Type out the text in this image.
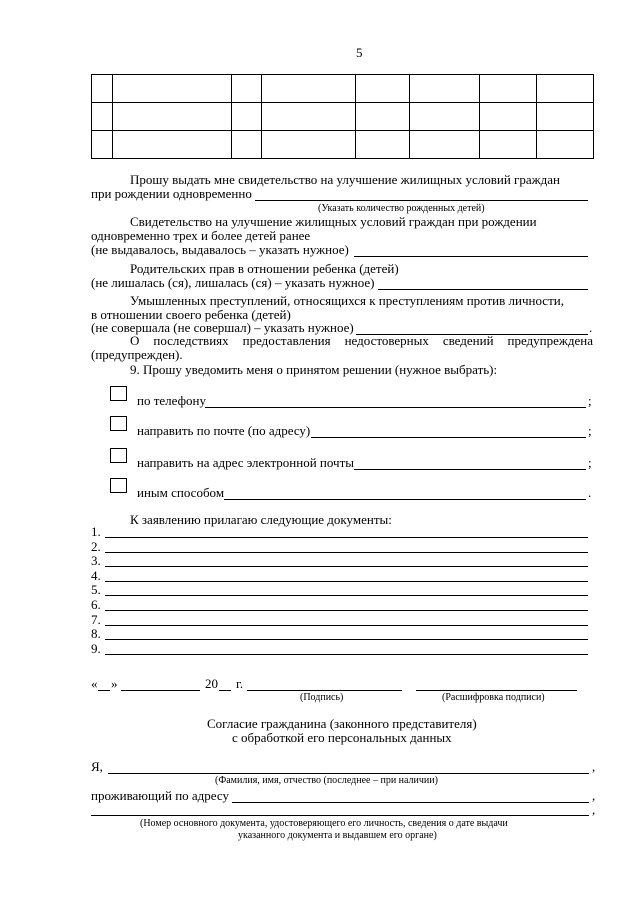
5

Прошу выдать мне свидетельство на улучшение жилищных условий граждан
при рождении одновременно
(Указать количество рожденных детей)
Свидетельство на улучшение жилищных условий граждан при рождении
одновременно трех и более детей ранее
(не выдавалось, выдавалось – указать нужное)
Родительских прав в отношении ребенка (детей)
(не лишалась (ся), лишалась (ся) – указать нужное)
Умышленных преступлений, относящихся к преступлениям против личности,
в отношении своего ребенка (детей)
(не совершала (не совершал) – указать нужное)	.
О последствиях предоставления недостоверных сведений предупреждена
(предупрежден).
9. Прошу уведомить меня о принятом решении (нужное выбрать):
по телефону	;
направить по почте (по адресу)	;
направить на адрес электронной почты	;
иным способом	.
К заявлению прилагаю следующие документы:
1.
2.
3.
4.
5.
6.
7.
8.
9.
« »	20 г.
(Подпись)	(Расшифровка подписи)
Согласие гражданина (законного представителя)
с обработкой его персональных данных
Я,	,
(Фамилия, имя, отчество (последнее – при наличии)
проживающий по адресу	,
,
(Номер основного документа, удостоверяющего его личность, сведения о дате выдачи
указанного документа и выдавшем его органе)
